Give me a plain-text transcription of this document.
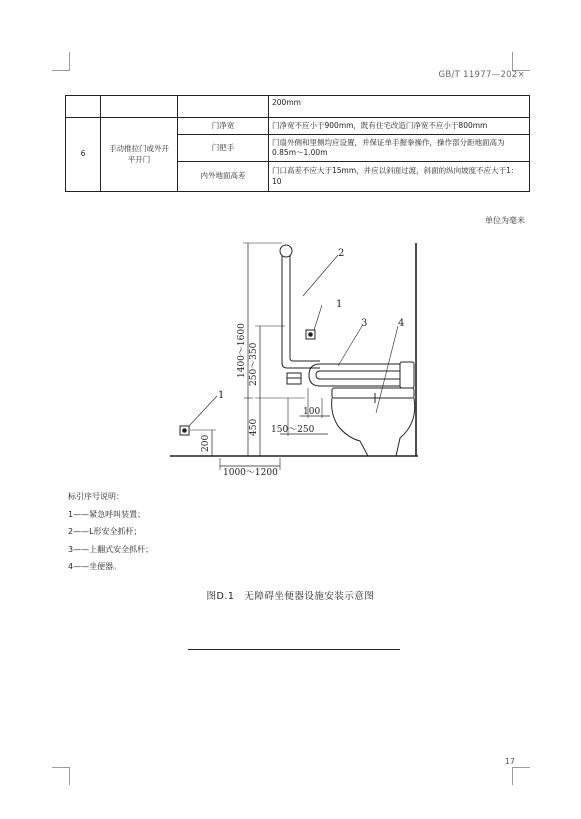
GB/T 11977—202×
			200mm
6	手动推拉门或外开平开门	门净宽	门净宽不应小于900mm，既有住宅改造门净宽不应小于800mm
		门把手	门扇外侧和里侧均应设置，并保证单手握拳操作，操作部分距地面高为0.85m～1.00m
		内外地面高差	门口高差不应大于15mm，并应以斜面过渡，斜面的纵向坡度不应大于1：10
单位为毫米
1
2
3	4
1
1400～1600 250～350
450
200
100
150～250
1000～1200
标引序号说明：
1——紧急呼叫装置；
2——L形安全抓杆；
3——上翻式安全抓杆；
4——坐便器。
图D.1　无障碍坐便器设施安装示意图
17
